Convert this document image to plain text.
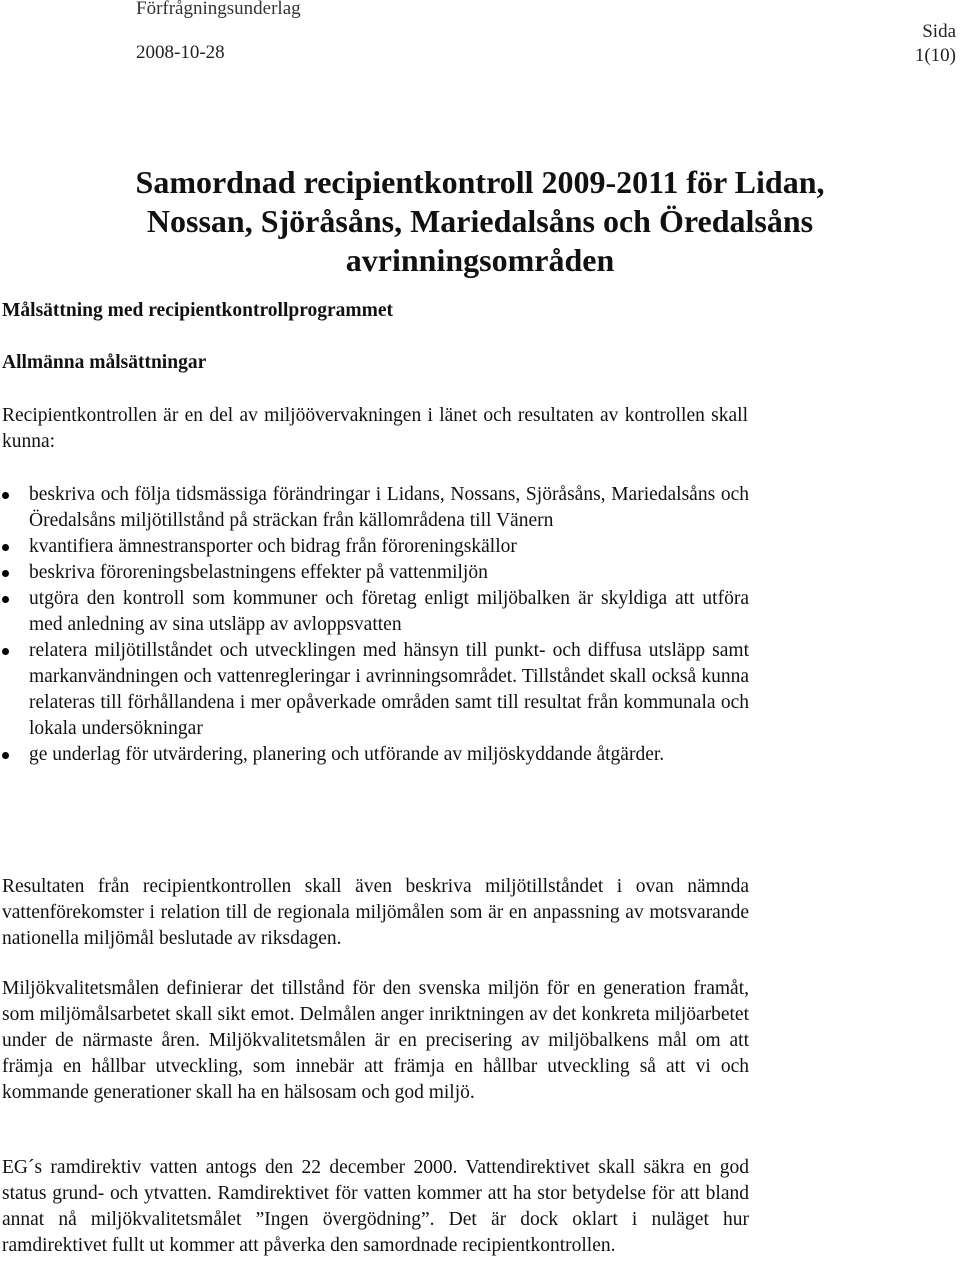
Förfrågningsunderlag
2008-10-28
Sida
1(10)
Samordnad recipientkontroll 2009-2011 för Lidan,
Nossan, Sjöråsåns, Mariedalsåns och Öredalsåns
avrinningsområden
Målsättning med recipientkontrollprogrammet
Allmänna målsättningar

Recipientkontrollen är en del av miljöövervakningen i länet och resultaten av kontrollen skall kunna:

beskriva och följa tidsmässiga förändringar i Lidans, Nossans, Sjöråsåns, Mariedalsåns och Öredalsåns miljötillstånd på sträckan från källområdena till Vänern
kvantifiera ämnestransporter och bidrag från föroreningskällor
beskriva föroreningsbelastningens effekter på vattenmiljön
utgöra den kontroll som kommuner och företag enligt miljöbalken är skyldiga att utföra med anledning av sina utsläpp av avloppsvatten
relatera miljötillståndet och utvecklingen med hänsyn till punkt- och diffusa utsläpp samt markanvändningen och vattenregleringar i avrinningsområdet. Tillståndet skall också kunna relateras till förhållandena i mer opåverkade områden samt till resultat från kommunala och lokala undersökningar
ge underlag för utvärdering, planering och utförande av miljöskyddande åtgärder.

Resultaten från recipientkontrollen skall även beskriva miljötillståndet i ovan nämnda vattenförekomster i relation till de regionala miljömålen som är en anpassning av motsvarande nationella miljömål beslutade av riksdagen.

Miljökvalitetsmålen definierar det tillstånd för den svenska miljön för en generation framåt, som miljömålsarbetet skall sikt emot. Delmålen anger inriktningen av det konkreta miljöarbetet under de närmaste åren. Miljökvalitetsmålen är en precisering av miljöbalkens mål om att främja en hållbar utveckling, som innebär att främja en hållbar utveckling så att vi och kommande generationer skall ha en hälsosam och god miljö.

EG´s ramdirektiv vatten antogs den 22 december 2000. Vattendirektivet skall säkra en god status grund- och ytvatten. Ramdirektivet för vatten kommer att ha stor betydelse för att bland annat nå miljökvalitetsmålet ”Ingen övergödning”. Det är dock oklart i nuläget hur ramdirektivet fullt ut kommer att påverka den samordnade recipientkontrollen.
